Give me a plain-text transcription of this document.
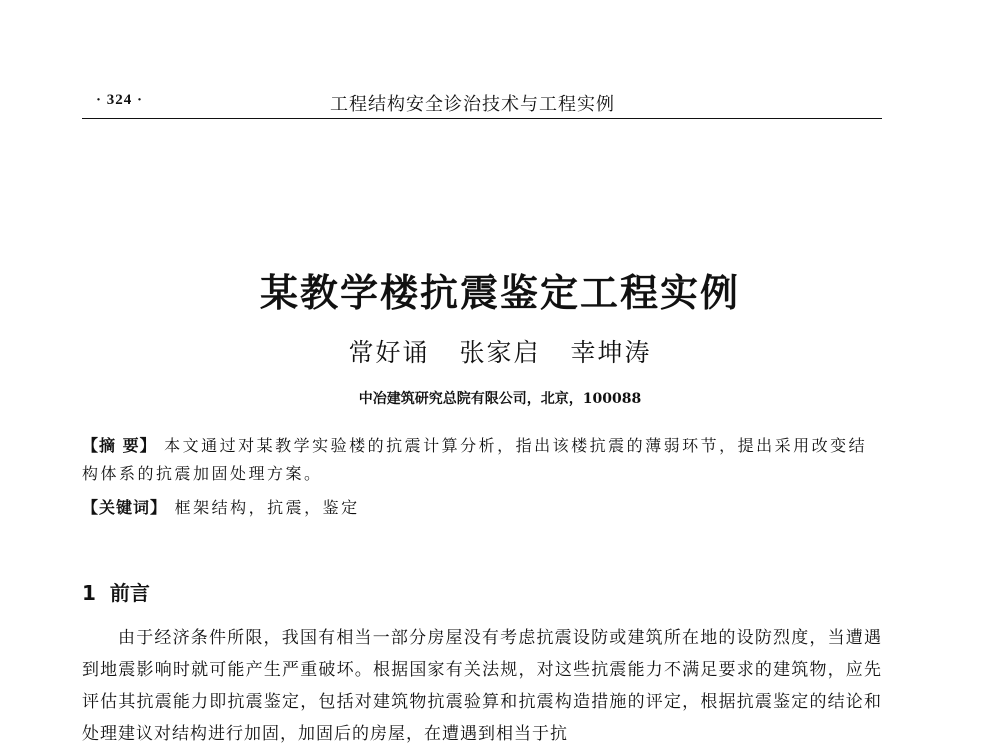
· 324 ·	工程结构安全诊治技术与工程实例
某教学楼抗震鉴定工程实例
常好诵 张家启 幸坤涛
中冶建筑研究总院有限公司，北京，100088
【摘 要】 本文通过对某教学实验楼的抗震计算分析，指出该楼抗震的薄弱环节，提出采用改变结构体系的抗震加固处理方案。
【关键词】 框架结构，抗震，鉴定
1 前言
由于经济条件所限，我国有相当一部分房屋没有考虑抗震设防或建筑所在地的设防烈度，当遭遇到地震影响时就可能产生严重破坏。根据国家有关法规，对这些抗震能力不满足要求的建筑物，应先评估其抗震能力即抗震鉴定，包括对建筑物抗震验算和抗震构造措施的评定，根据抗震鉴定的结论和处理建议对结构进行加固，加固后的房屋，在遭遇到相当于抗
